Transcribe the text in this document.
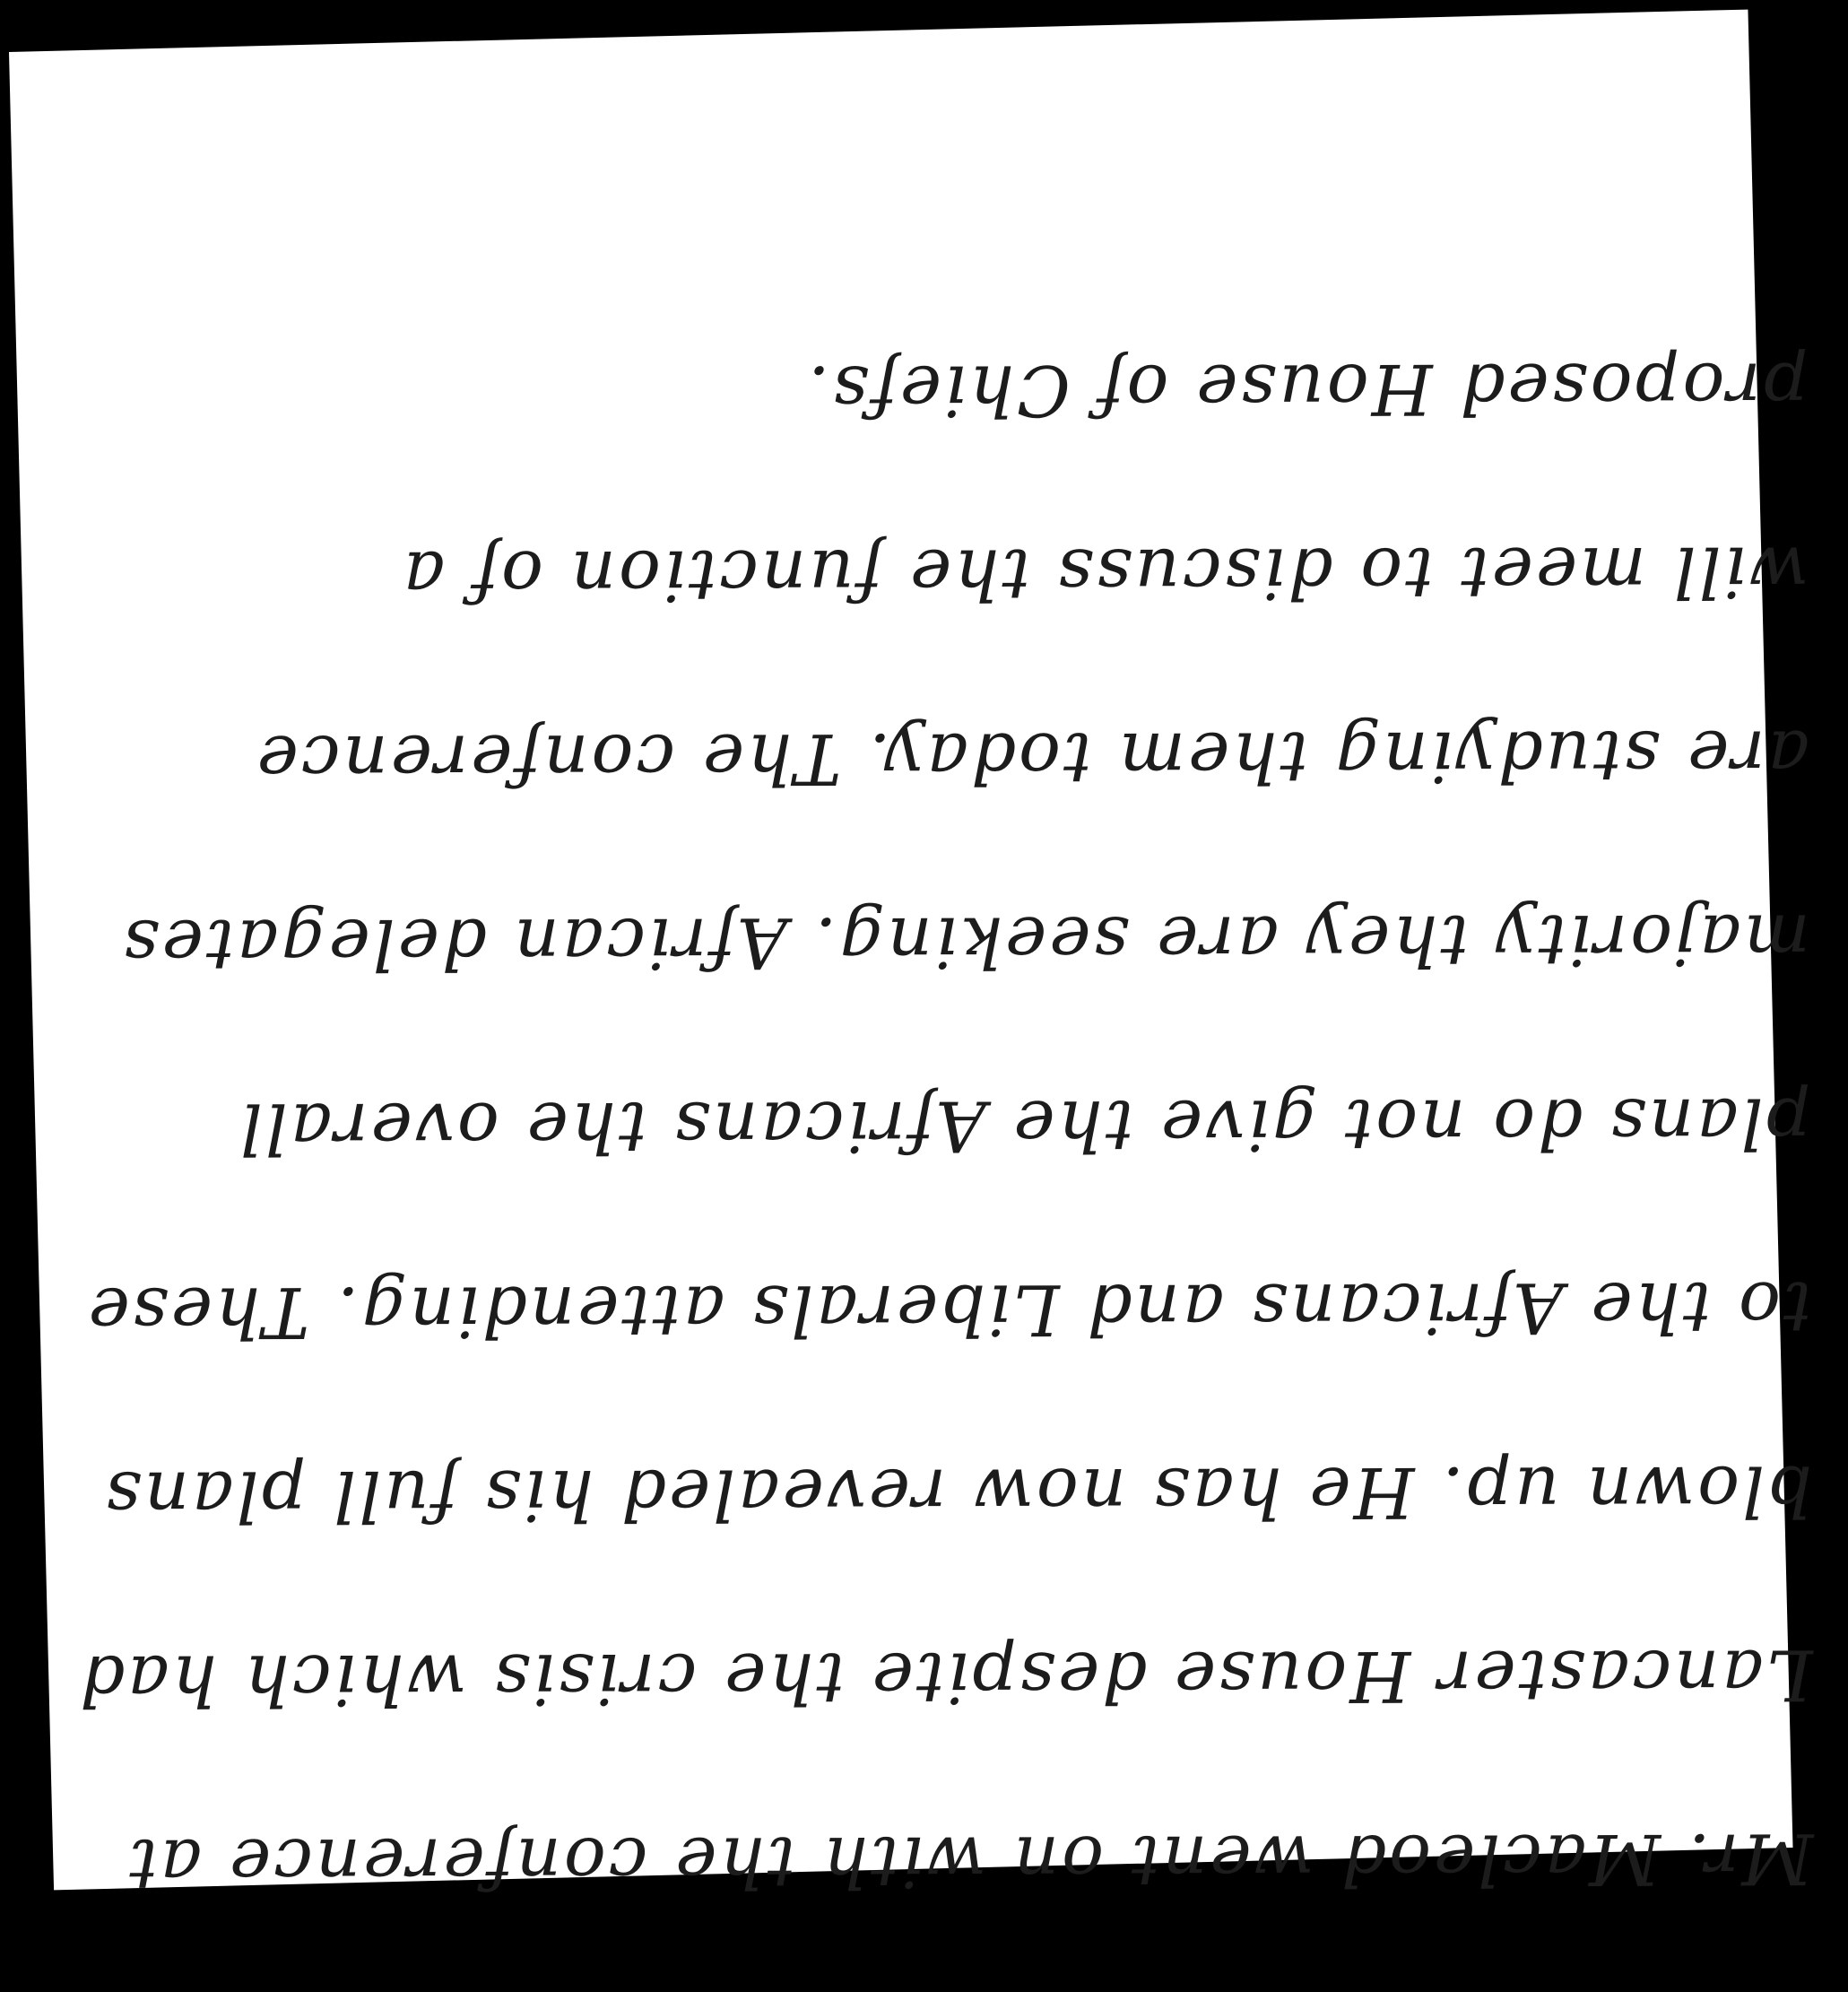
Mr. Macleod went on with the conference at
Lancaster House despite the crisis which had
blown up. He has now revealed his full plans
to the Africans and Liberals attending. These
plans do not give the Africans the overall
majority they are seeking. African delegates
are studying them today. The conference
will meet to discuss the function of a
proposed House of Chiefs.
